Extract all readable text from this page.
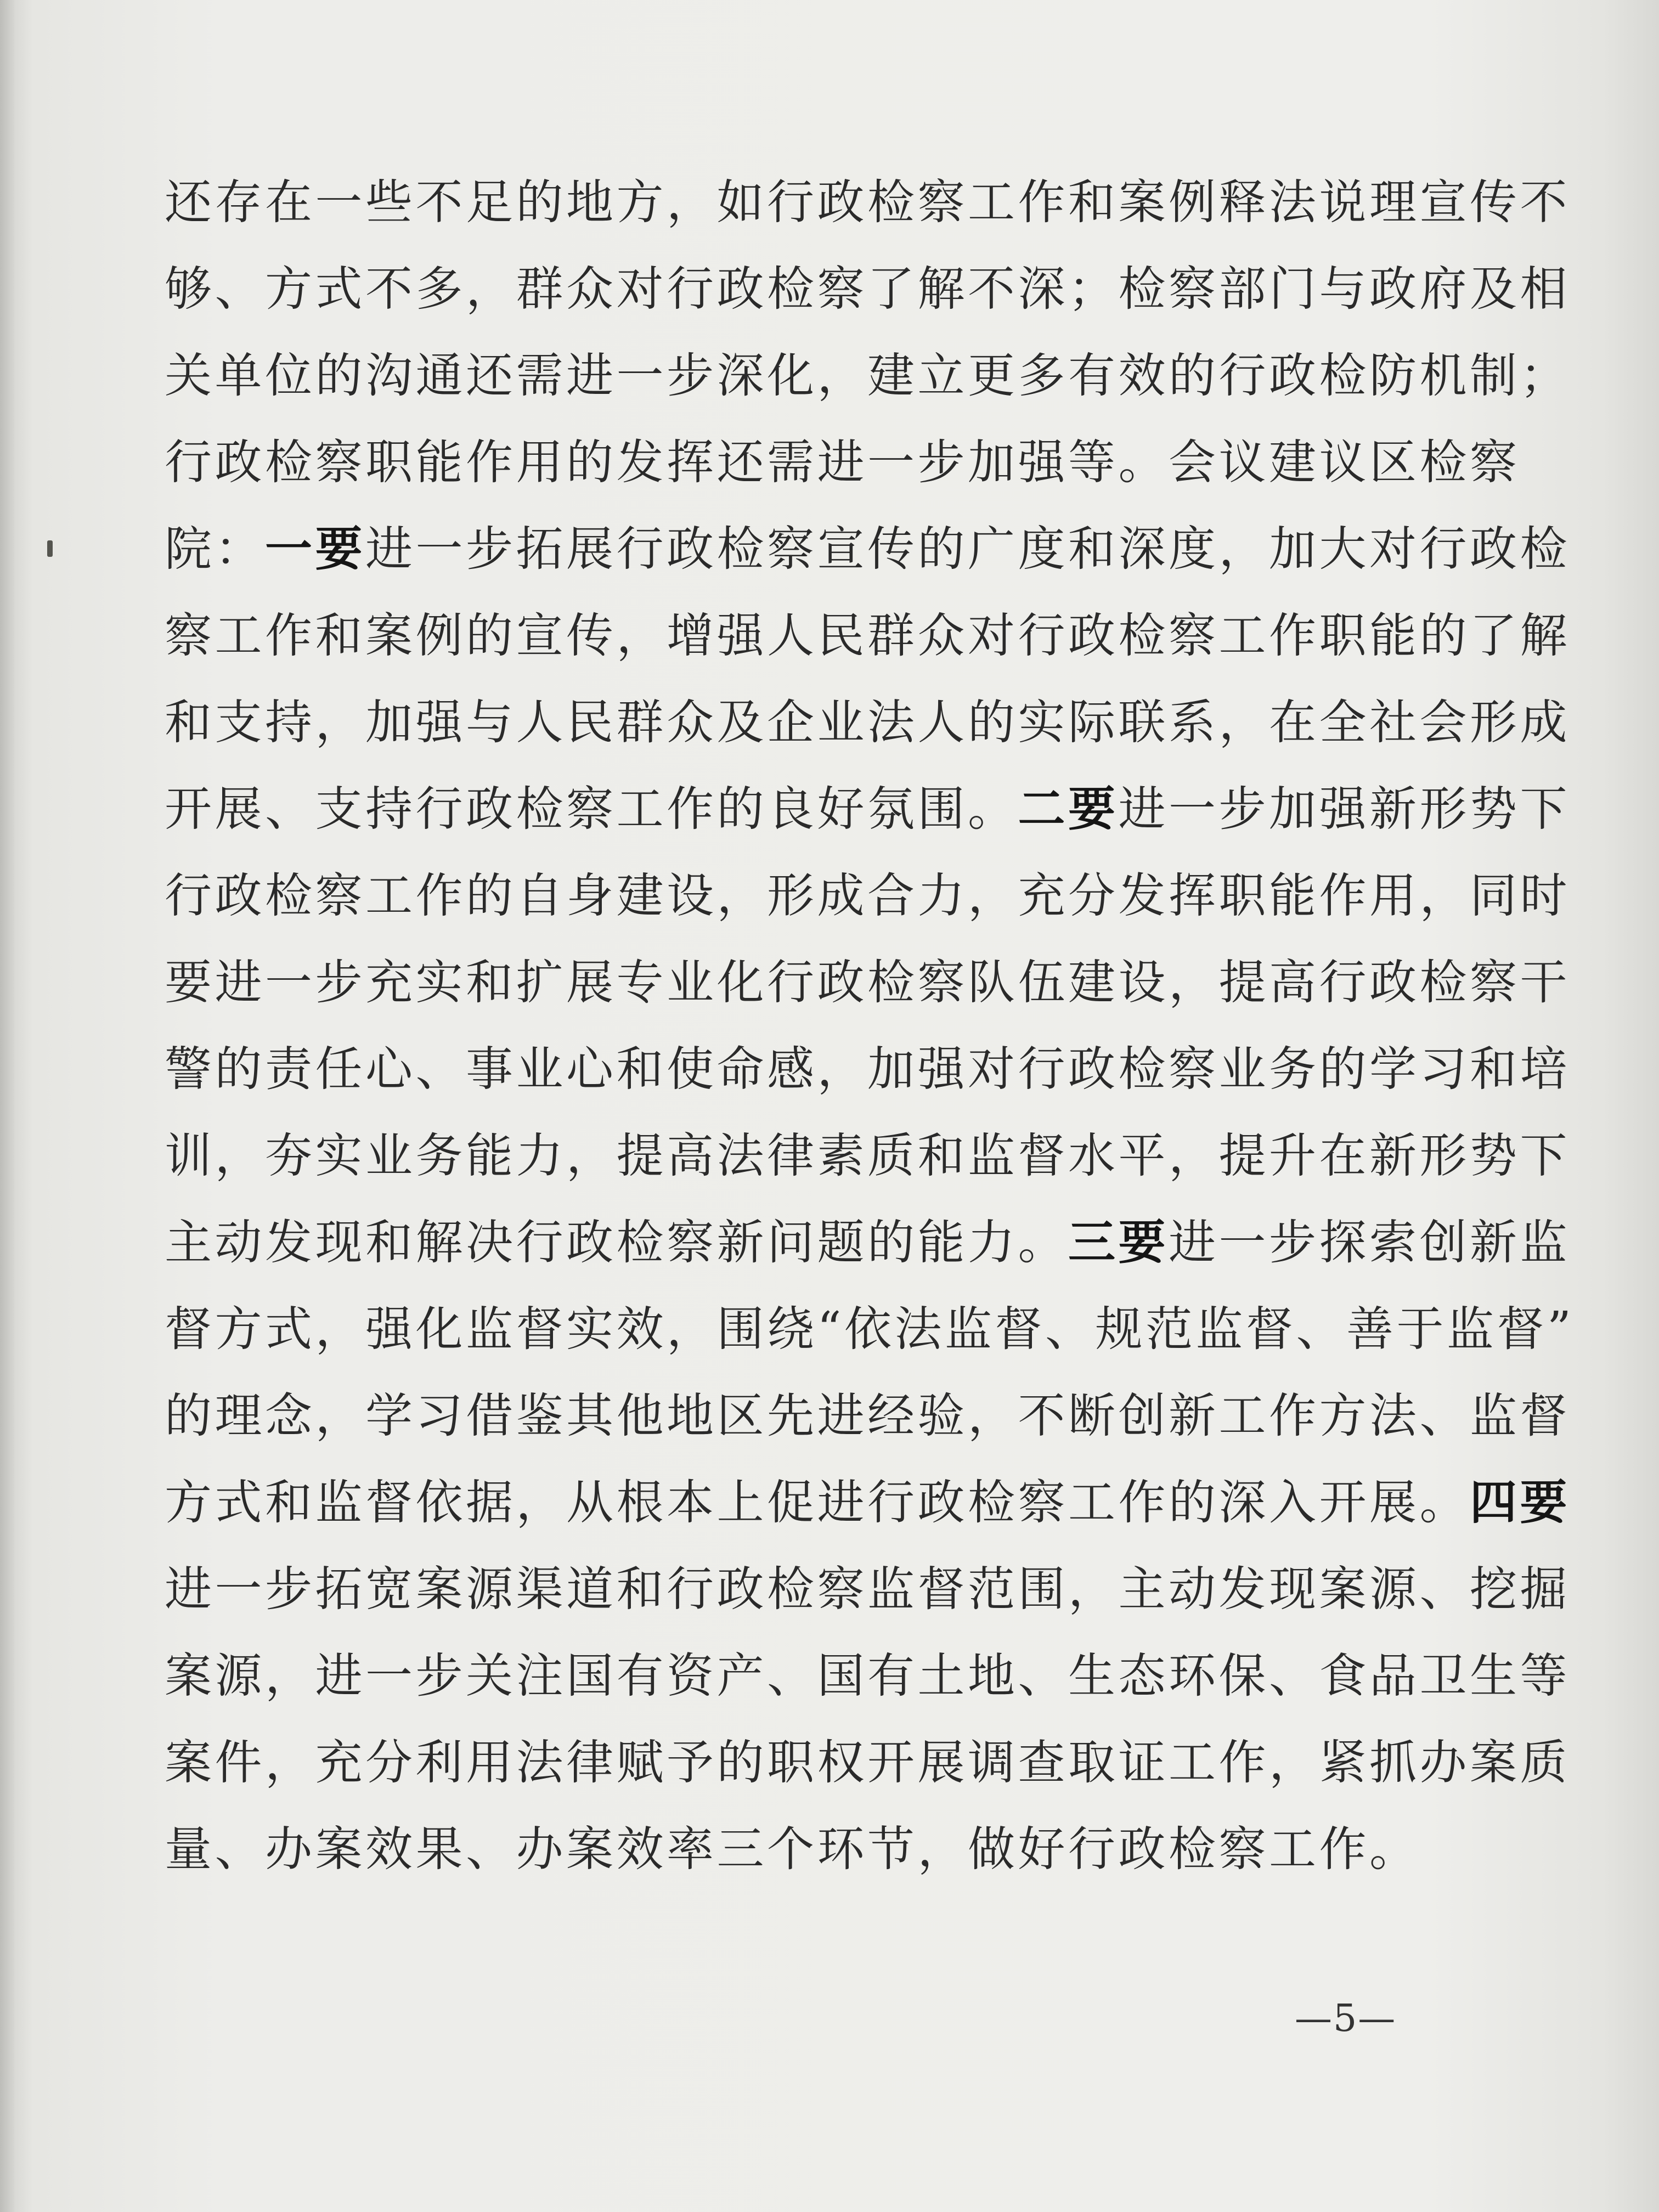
还存在一些不足的地方，如行政检察工作和案例释法说理宣传不
够、方式不多，群众对行政检察了解不深；检察部门与政府及相
关单位的沟通还需进一步深化，建立更多有效的行政检防机制；
行政检察职能作用的发挥还需进一步加强等。会议建议区检察
院：一要进一步拓展行政检察宣传的广度和深度，加大对行政检
察工作和案例的宣传，增强人民群众对行政检察工作职能的了解
和支持，加强与人民群众及企业法人的实际联系，在全社会形成
开展、支持行政检察工作的良好氛围。二要进一步加强新形势下
行政检察工作的自身建设，形成合力，充分发挥职能作用，同时
要进一步充实和扩展专业化行政检察队伍建设，提高行政检察干
警的责任心、事业心和使命感，加强对行政检察业务的学习和培
训，夯实业务能力，提高法律素质和监督水平，提升在新形势下
主动发现和解决行政检察新问题的能力。三要进一步探索创新监
督方式，强化监督实效，围绕“依法监督、规范监督、善于监督”
的理念，学习借鉴其他地区先进经验，不断创新工作方法、监督
方式和监督依据，从根本上促进行政检察工作的深入开展。四要
进一步拓宽案源渠道和行政检察监督范围，主动发现案源、挖掘
案源，进一步关注国有资产、国有土地、生态环保、食品卫生等
案件，充分利用法律赋予的职权开展调查取证工作，紧抓办案质
量、办案效果、办案效率三个环节，做好行政检察工作。
—5—
